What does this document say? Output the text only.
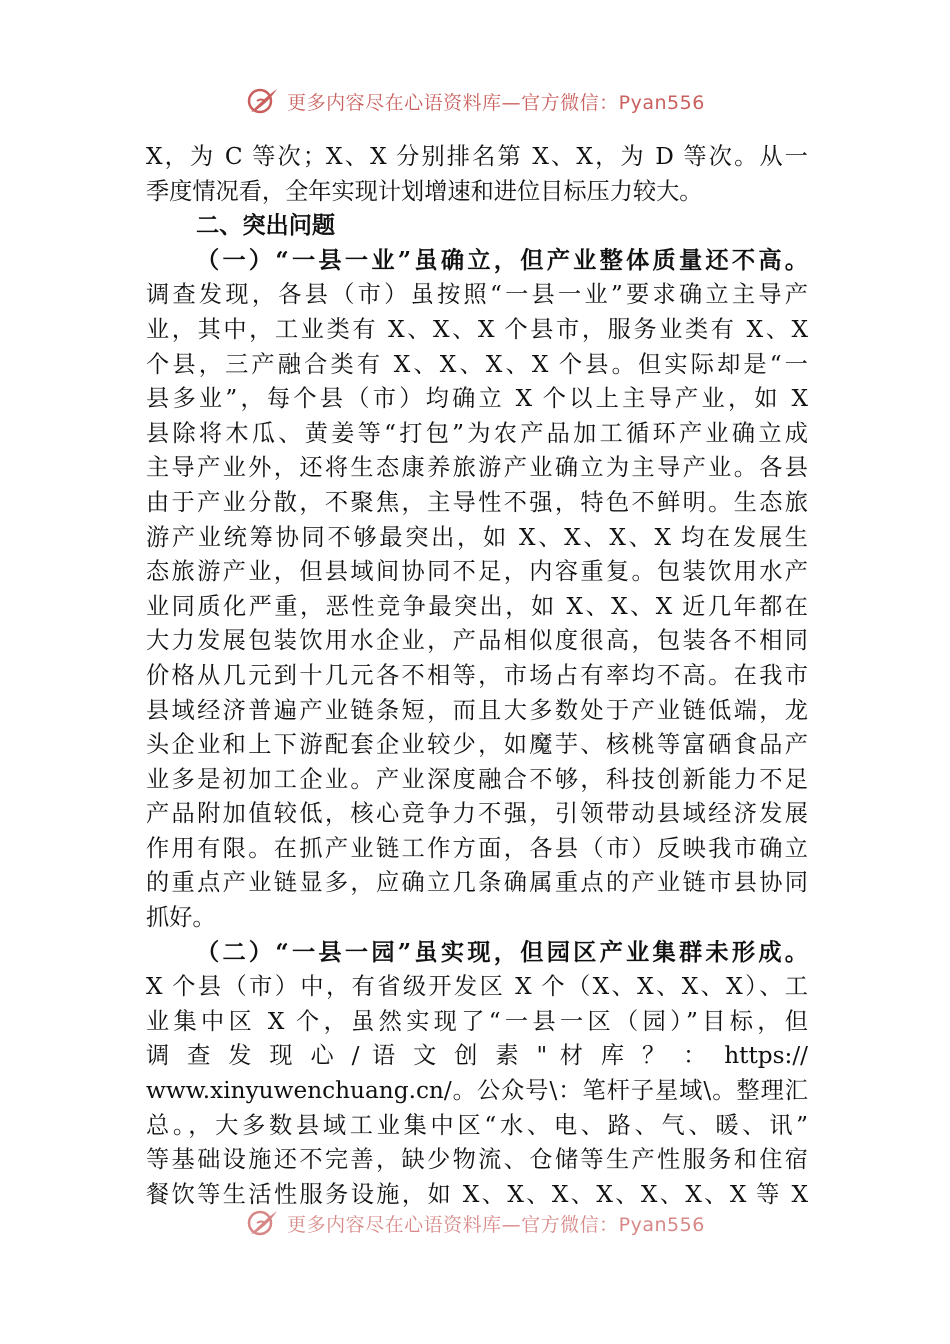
更多内容尽在心语资料库—官方微信：Pyan556
X，为 C 等次；X、X 分别排名第 X、X，为 D 等次。从一
季度情况看，全年实现计划增速和进位目标压力较大。
二、突出问题
（一）“一县一业”虽确立，但产业整体质量还不高。
调查发现，各县（市）虽按照“一县一业”要求确立主导产
业，其中，工业类有 X、X、X 个县市，服务业类有 X、X
个县，三产融合类有 X、X、X、X 个县。但实际却是“一
县多业”，每个县（市）均确立 X 个以上主导产业，如 X
县除将木瓜、黄姜等“打包”为农产品加工循环产业确立成
主导产业外，还将生态康养旅游产业确立为主导产业。各县
由于产业分散，不聚焦，主导性不强，特色不鲜明。生态旅
游产业统筹协同不够最突出，如 X、X、X、X 均在发展生
态旅游产业，但县域间协同不足，内容重复。包装饮用水产
业同质化严重，恶性竞争最突出，如 X、X、X 近几年都在
大力发展包装饮用水企业，产品相似度很高，包装各不相同
价格从几元到十几元各不相等，市场占有率均不高。在我市
县域经济普遍产业链条短，而且大多数处于产业链低端，龙
头企业和上下游配套企业较少，如魔芋、核桃等富硒食品产
业多是初加工企业。产业深度融合不够，科技创新能力不足
产品附加值较低，核心竞争力不强，引领带动县域经济发展
作用有限。在抓产业链工作方面，各县（市）反映我市确立
的重点产业链显多，应确立几条确属重点的产业链市县协同
抓好。
（二）“一县一园”虽实现，但园区产业集群未形成。
X 个县（市）中，有省级开发区 X 个（X、X、X、X）、工
业集中区 X 个，虽然实现了“一县一区（园）”目标，但
调 查 发 现 心 / 语 文 创 素 " 材 库 ？ ： https://
www.xinyuwenchuang.cn/。公众号\：笔杆子星域\。整理汇
总。，大多数县域工业集中区“水、电、路、气、暖、讯”
等基础设施还不完善，缺少物流、仓储等生产性服务和住宿
餐饮等生活性服务设施，如 X、X、X、X、X、X、X 等 X
更多内容尽在心语资料库—官方微信：Pyan556
